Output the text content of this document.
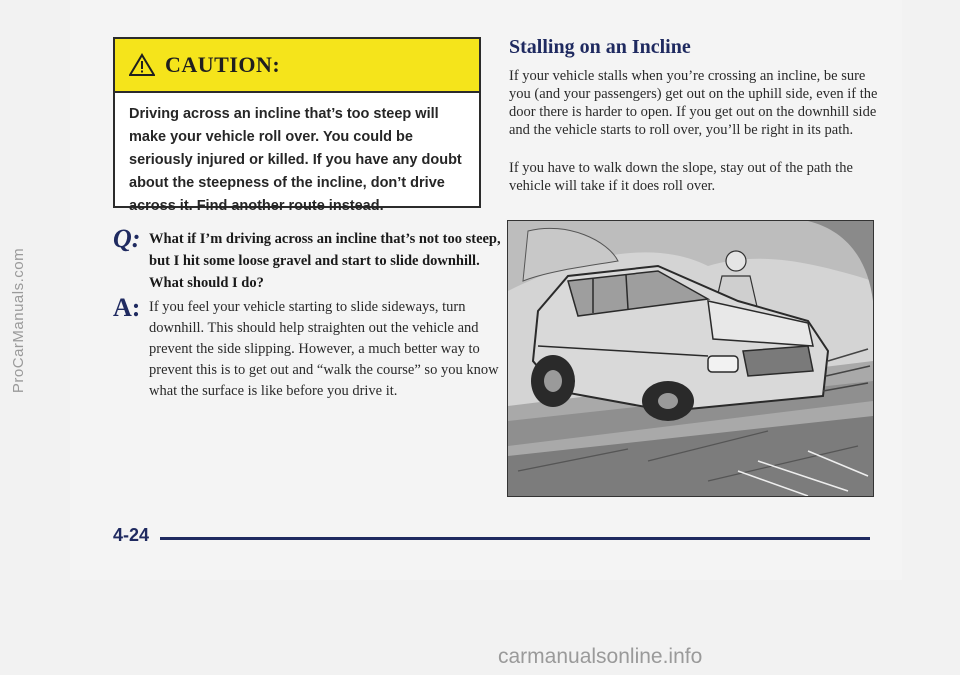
ProCarManuals.com
CAUTION:
Driving across an incline that’s too steep will
make your vehicle roll over. You could be
seriously injured or killed. If you have any doubt
about the steepness of the incline, don’t drive
across it. Find another route instead.
Q: What if I’m driving across an incline that’s not too steep, but I hit some loose gravel and start to slide downhill. What should I do?
A: If you feel your vehicle starting to slide sideways, turn downhill. This should help straighten out the vehicle and prevent the side slipping. However, a much better way to prevent this is to get out and “walk the course” so you know what the surface is like before you drive it.
Stalling on an Incline

If your vehicle stalls when you’re crossing an incline, be sure you (and your passengers) get out on the uphill side, even if the door there is harder to open. If you get out on the downhill side and the vehicle starts to roll over, you’ll be right in its path.

If you have to walk down the slope, stay out of the path the vehicle will take if it does roll over.

4-24
carmanualsonline.info
